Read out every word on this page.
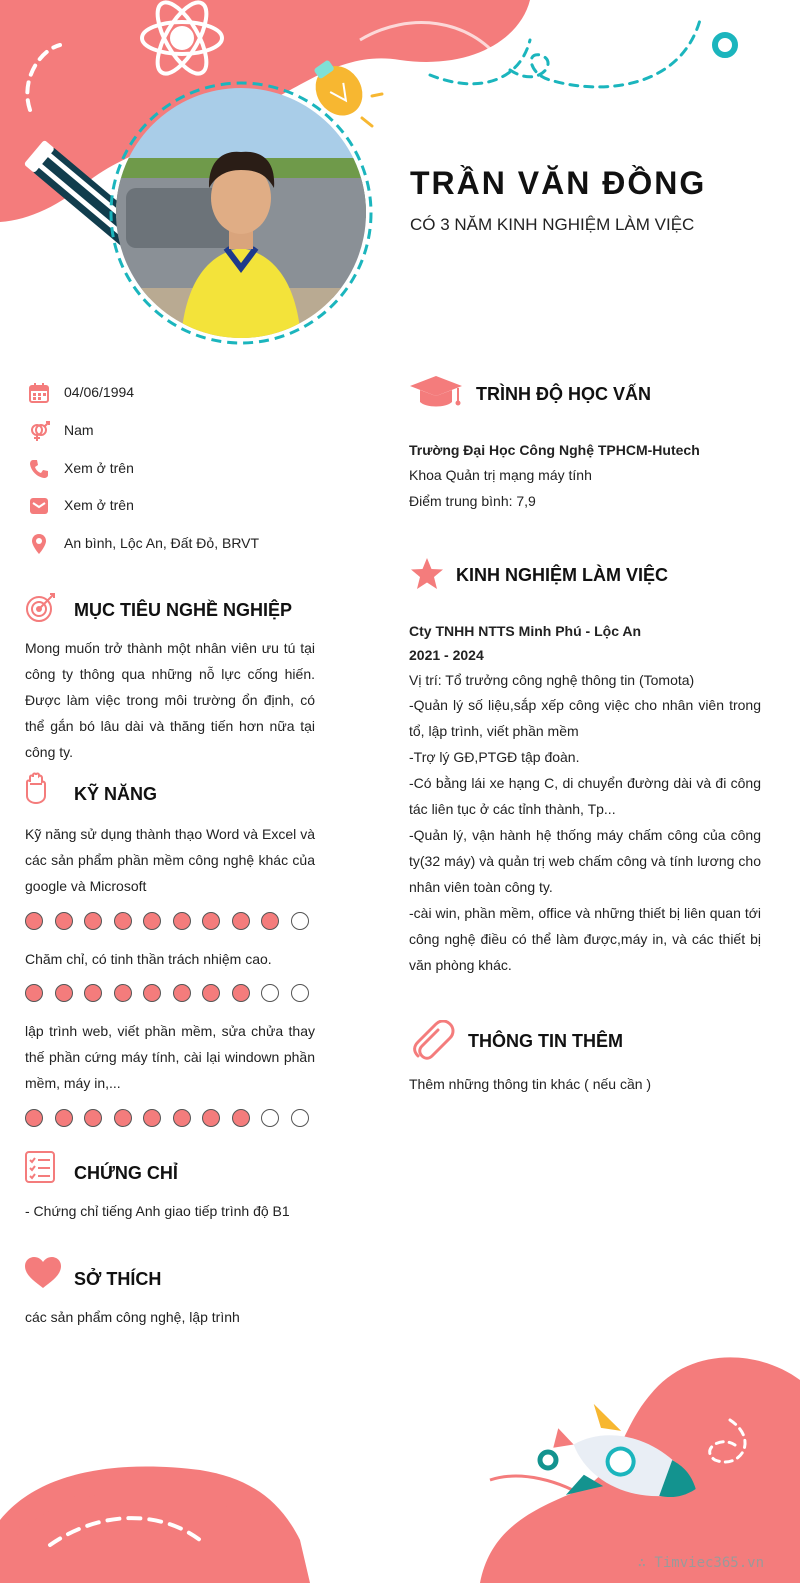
TRẦN VĂN ĐỒNG
CÓ 3 NĂM KINH NGHIỆM LÀM VIỆC
04/06/1994
Nam
Xem ở trên
Xem ở trên
An bình, Lộc An, Đất Đỏ, BRVT
MỤC TIÊU NGHỀ NGHIỆP
Mong muốn trở thành một nhân viên ưu tú tại công ty thông qua những nỗ lực cống hiến. Được làm việc trong môi trường ổn định, có thể gắn bó lâu dài và thăng tiến hơn nữa tại công ty.
KỸ NĂNG
Kỹ năng sử dụng thành thạo Word và Excel và các sản phẩm phần mềm công nghệ khác của google và Microsoft
Chăm chỉ, có tinh thần trách nhiệm cao.
lập trình web, viết phần mềm, sửa chửa thay thế phần cứng máy tính, cài lại windown phần mềm, máy in,...
CHỨNG CHỈ
- Chứng chỉ tiếng Anh giao tiếp trình độ B1
SỞ THÍCH
các sản phẩm công nghệ, lập trình
TRÌNH ĐỘ HỌC VẤN
Trường Đại Học Công Nghệ TPHCM-Hutech
Khoa Quản trị mạng máy tính
Điểm trung bình: 7,9
KINH NGHIỆM LÀM VIỆC
Cty TNHH NTTS Minh Phú - Lộc An
2021 - 2024
Vị trí: Tổ trưởng công nghệ thông tin (Tomota)
-Quản lý số liệu,sắp xếp công việc cho nhân viên trong tổ, lập trình, viết phần mềm
-Trợ lý GĐ,PTGĐ tập đoàn.
-Có bằng lái xe hạng C, di chuyển đường dài và đi công tác liên tục ở các tỉnh thành, Tp...
-Quản lý, vận hành hệ thống máy chấm công của công ty(32 máy) và quản trị web chấm công và tính lương cho nhân viên toàn công ty.
-cài win, phần mềm, office và những thiết bị liên quan tới công nghệ điều có thể làm được,máy in, và các thiết bị văn phòng khác.
THÔNG TIN THÊM
Thêm những thông tin khác ( nếu cần )
∴ Timviec365.vn
